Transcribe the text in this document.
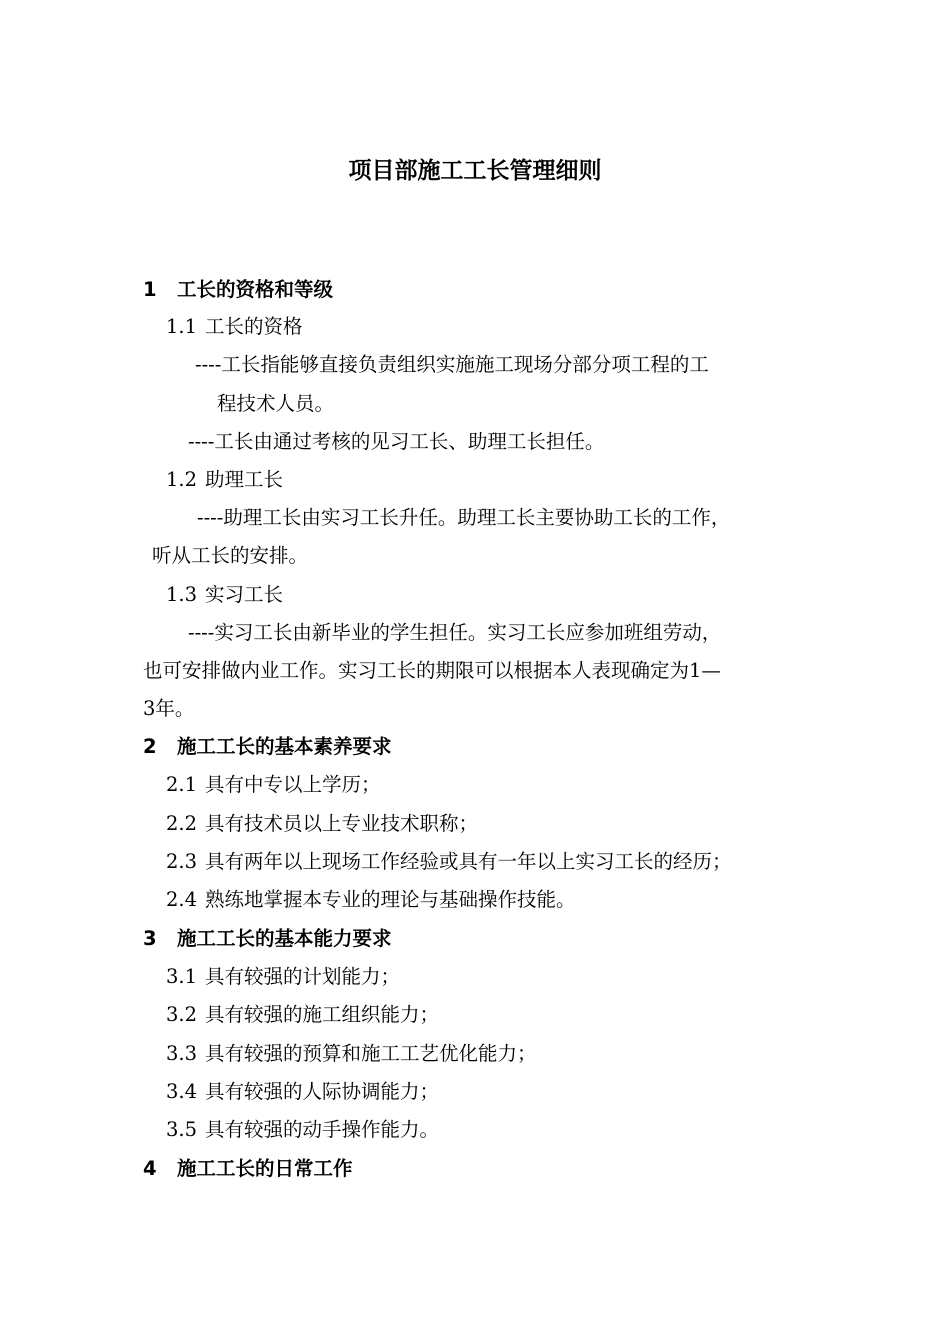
项目部施工工长管理细则
1 工长的资格和等级
1.1 工长的资格
----工长指能够直接负责组织实施施工现场分部分项工程的工
程技术人员。
----工长由通过考核的见习工长、助理工长担任。
1.2 助理工长
----助理工长由实习工长升任。助理工长主要协助工长的工作，
听从工长的安排。
1.3 实习工长
----实习工长由新毕业的学生担任。实习工长应参加班组劳动，
也可安排做内业工作。实习工长的期限可以根据本人表现确定为1—
3年。
2 施工工长的基本素养要求
2.1 具有中专以上学历；
2.2 具有技术员以上专业技术职称；
2.3 具有两年以上现场工作经验或具有一年以上实习工长的经历；
2.4 熟练地掌握本专业的理论与基础操作技能。
3 施工工长的基本能力要求
3.1 具有较强的计划能力；
3.2 具有较强的施工组织能力；
3.3 具有较强的预算和施工工艺优化能力；
3.4 具有较强的人际协调能力；
3.5 具有较强的动手操作能力。
4 施工工长的日常工作
